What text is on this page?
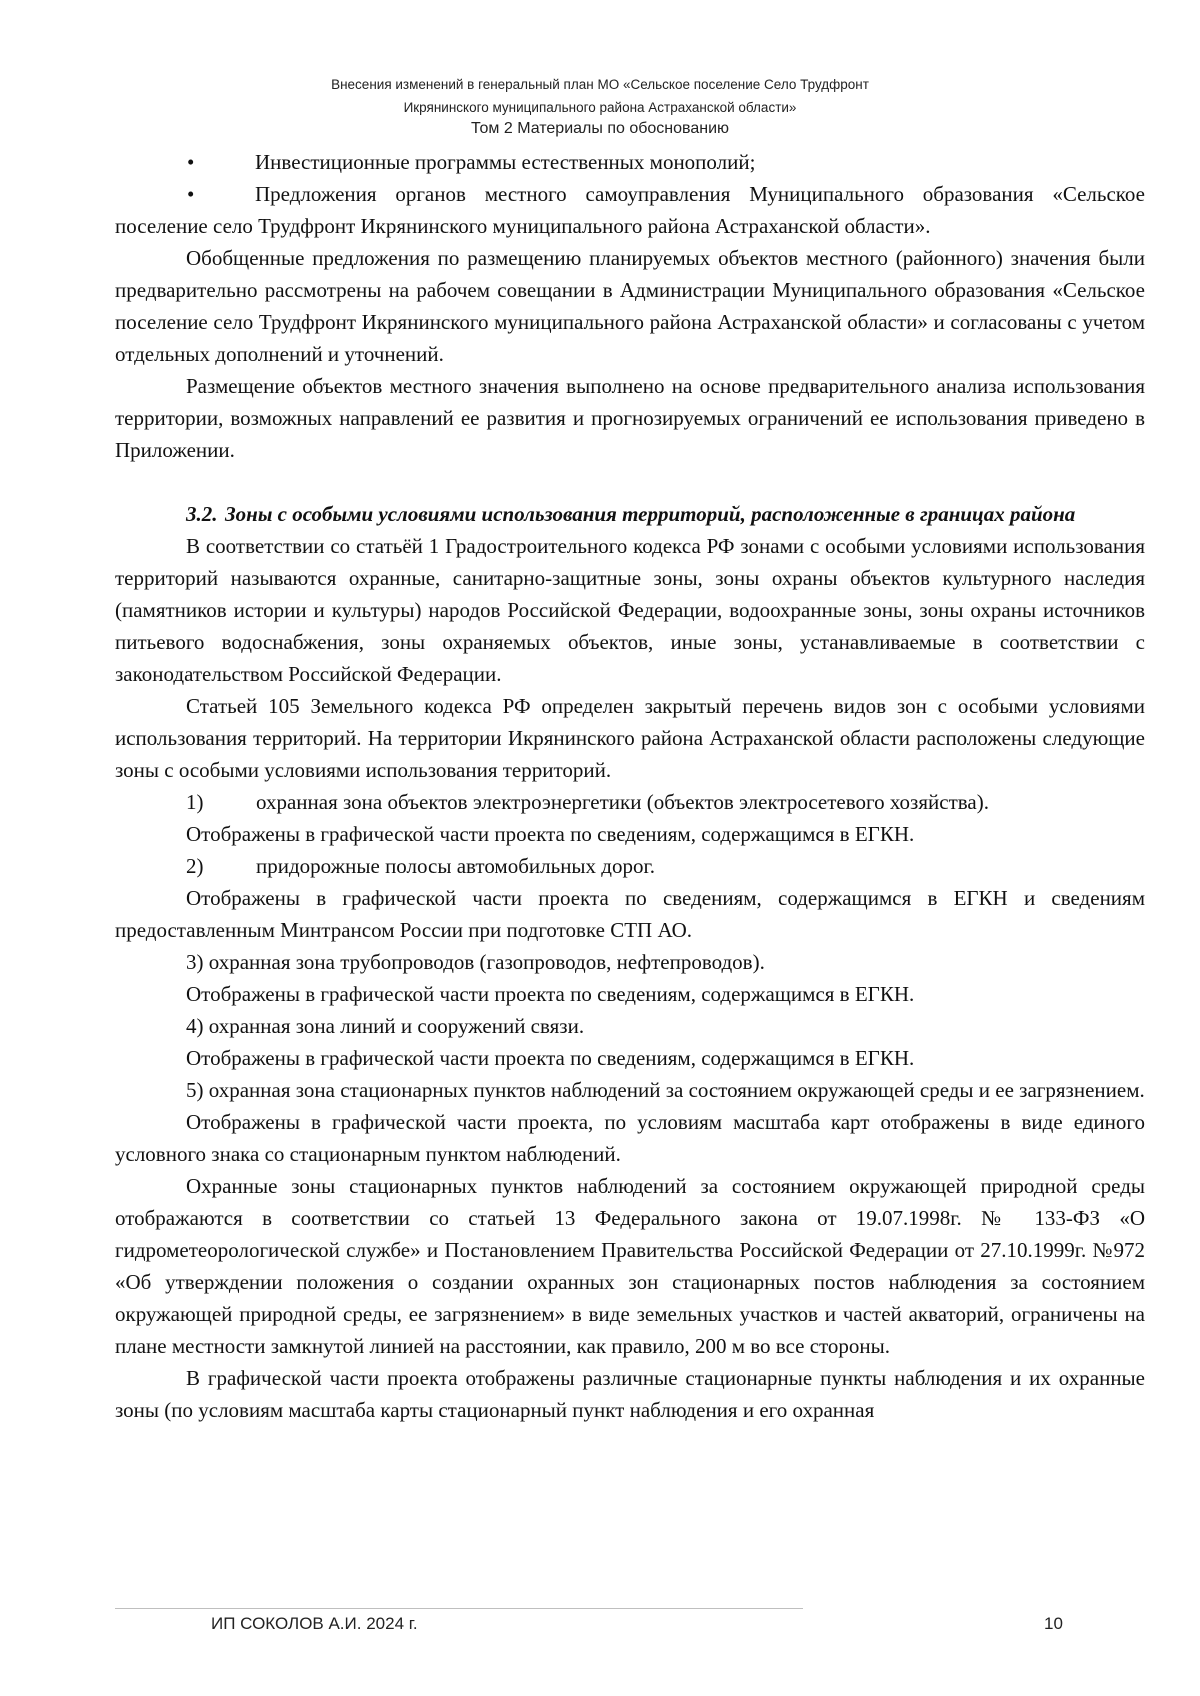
Внесения изменений в генеральный план МО «Сельское поселение Село Трудфронт
Икрянинского муниципального района Астраханской области»
Том 2 Материалы по обоснованию
•	Инвестиционные программы естественных монополий;
•	Предложения органов местного самоуправления Муниципального образования «Сельское поселение село Трудфронт Икрянинского муниципального района Астраханской области».

Обобщенные предложения по размещению планируемых объектов местного (районного) значения были предварительно рассмотрены на рабочем совещании в Администрации Муниципального образования «Сельское поселение село Трудфронт Икрянинского муниципального района Астраханской области» и согласованы с учетом отдельных дополнений и уточнений.

Размещение объектов местного значения выполнено на основе предварительного анализа использования территории, возможных направлений ее развития и прогнозируемых ограничений ее использования приведено в Приложении.

3.2. Зоны с особыми условиями использования территорий, расположенные в границах района

В соответствии со статьёй 1 Градостроительного кодекса РФ зонами с особыми условиями использования территорий называются охранные, санитарно-защитные зоны, зоны охраны объектов культурного наследия (памятников истории и культуры) народов Российской Федерации, водоохранные зоны, зоны охраны источников питьевого водоснабжения, зоны охраняемых объектов, иные зоны, устанавливаемые в соответствии с законодательством Российской Федерации.

Статьей 105 Земельного кодекса РФ определен закрытый перечень видов зон с особыми условиями использования территорий. На территории Икрянинского района Астраханской области расположены следующие зоны с особыми условиями использования территорий.

1)	охранная зона объектов электроэнергетики (объектов электросетевого хозяйства).

Отображены в графической части проекта по сведениям, содержащимся в ЕГКН.

2)	придорожные полосы автомобильных дорог.

Отображены в графической части проекта по сведениям, содержащимся в ЕГКН и сведениям предоставленным Минтрансом России при подготовке СТП АО.

3) охранная зона трубопроводов (газопроводов, нефтепроводов).

Отображены в графической части проекта по сведениям, содержащимся в ЕГКН.

4) охранная зона линий и сооружений связи.

Отображены в графической части проекта по сведениям, содержащимся в ЕГКН.

5) охранная зона стационарных пунктов наблюдений за состоянием окружающей среды и ее загрязнением.

Отображены в графической части проекта, по условиям масштаба карт отображены в виде единого условного знака со стационарным пунктом наблюдений.

Охранные зоны стационарных пунктов наблюдений за состоянием окружающей природной среды отображаются в соответствии со статьей 13 Федерального закона от 19.07.1998г. № 133-ФЗ «О гидрометеорологической службе» и Постановлением Правительства Российской Федерации от 27.10.1999г. №972 «Об утверждении положения о создании охранных зон стационарных постов наблюдения за состоянием окружающей природной среды, ее загрязнением» в виде земельных участков и частей акваторий, ограничены на плане местности замкнутой линией на расстоянии, как правило, 200 м во все стороны.

В графической части проекта отображены различные стационарные пункты наблюдения и их охранные зоны (по условиям масштаба карты стационарный пункт наблюдения и его охранная

ИП СОКОЛОВ А.И. 2024 г.	10
